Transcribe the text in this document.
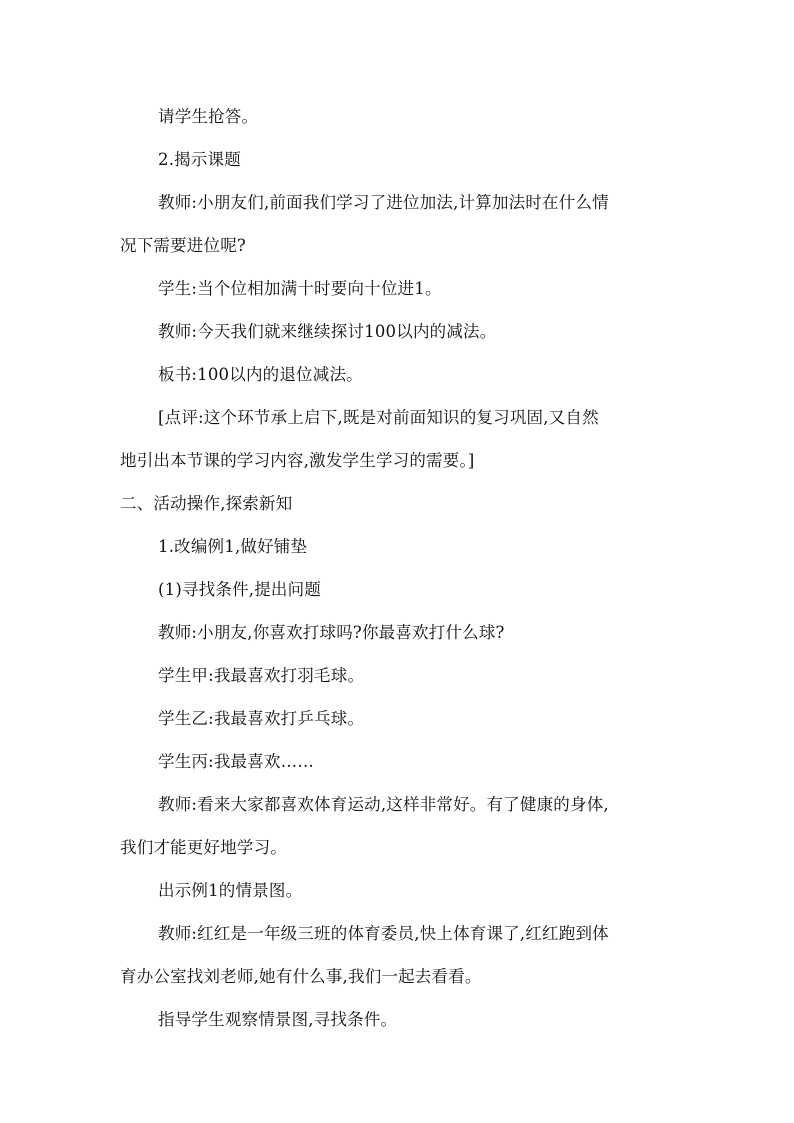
请学生抢答。
2.揭示课题
教师:小朋友们,前面我们学习了进位加法,计算加法时在什么情
况下需要进位呢?
学生:当个位相加满十时要向十位进1。
教师:今天我们就来继续探讨100以内的减法。
板书:100以内的退位减法。
[点评:这个环节承上启下,既是对前面知识的复习巩固,又自然
地引出本节课的学习内容,激发学生学习的需要。]
二、活动操作,探索新知
1.改编例1,做好铺垫
(1)寻找条件,提出问题
教师:小朋友,你喜欢打球吗?你最喜欢打什么球?
学生甲:我最喜欢打羽毛球。
学生乙:我最喜欢打乒乓球。
学生丙:我最喜欢……
教师:看来大家都喜欢体育运动,这样非常好。有了健康的身体,
我们才能更好地学习。
出示例1的情景图。
教师:红红是一年级三班的体育委员,快上体育课了,红红跑到体
育办公室找刘老师,她有什么事,我们一起去看看。
指导学生观察情景图,寻找条件。
